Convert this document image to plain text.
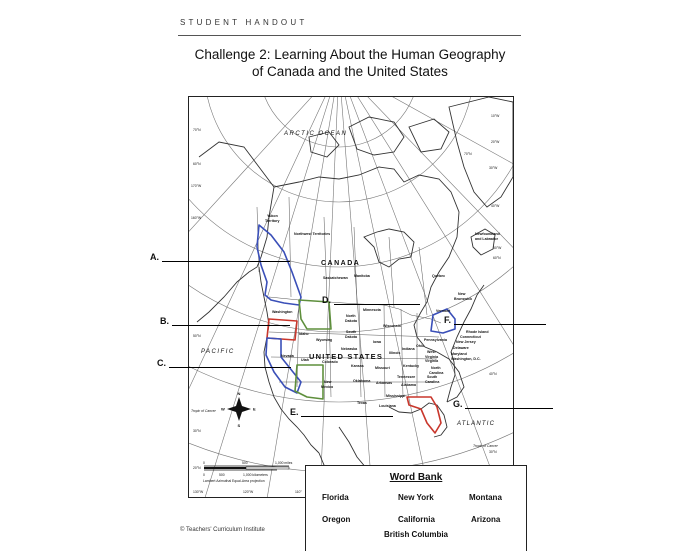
STUDENT HANDOUT
Challenge 2: Learning About the Human Geography
of Canada and the United States
ARCTIC OCEAN
PACIFIC
ATLANTIC
CANADA
UNITED STATES
Yukon
Territory
Northwest Territories
Saskatchewan Manitoba	Quebec
Newfoundland
and Labrador
New
Brunswick
Washington
Idaho
Wyoming
Nevada
Utah	Colorado
New
Mexico
North
Dakota
South
Dakota
Nebraska
Kansas
Oklahoma
Texas
Minnesota
Iowa
Missouri
Arkansas
Louisiana
Wisconsin
Illinois
Indiana
Ohio
Kentucky
Tennessee
Mississippi
Alabama
West
Virginia
Virginia
North
Carolina
South
Carolina
Pennsylvania
Vermont
Rhode Island
Connecticut
New Jersey
Delaware
Maryland
Washington, D.C.
70°N
60°N
170°W
160°W
50°N
30°N
20°N
10°W
20°W
70°N
30°W
40°W
50°W
60°N
40°N
30°N
Tropic of Cancer
Tropic of Cancer
130°W	120°W	110°
N
S
E
W
0	500	1,000 miles
0	500	1,000 kilometers
Lambert Azimuthal Equal-Area projection
A.
B.
C.
D.
E.
F.
G.
© Teachers' Curriculum Institute
Word Bank
Florida	New York	Montana
Oregon	California	Arizona
British Columbia
